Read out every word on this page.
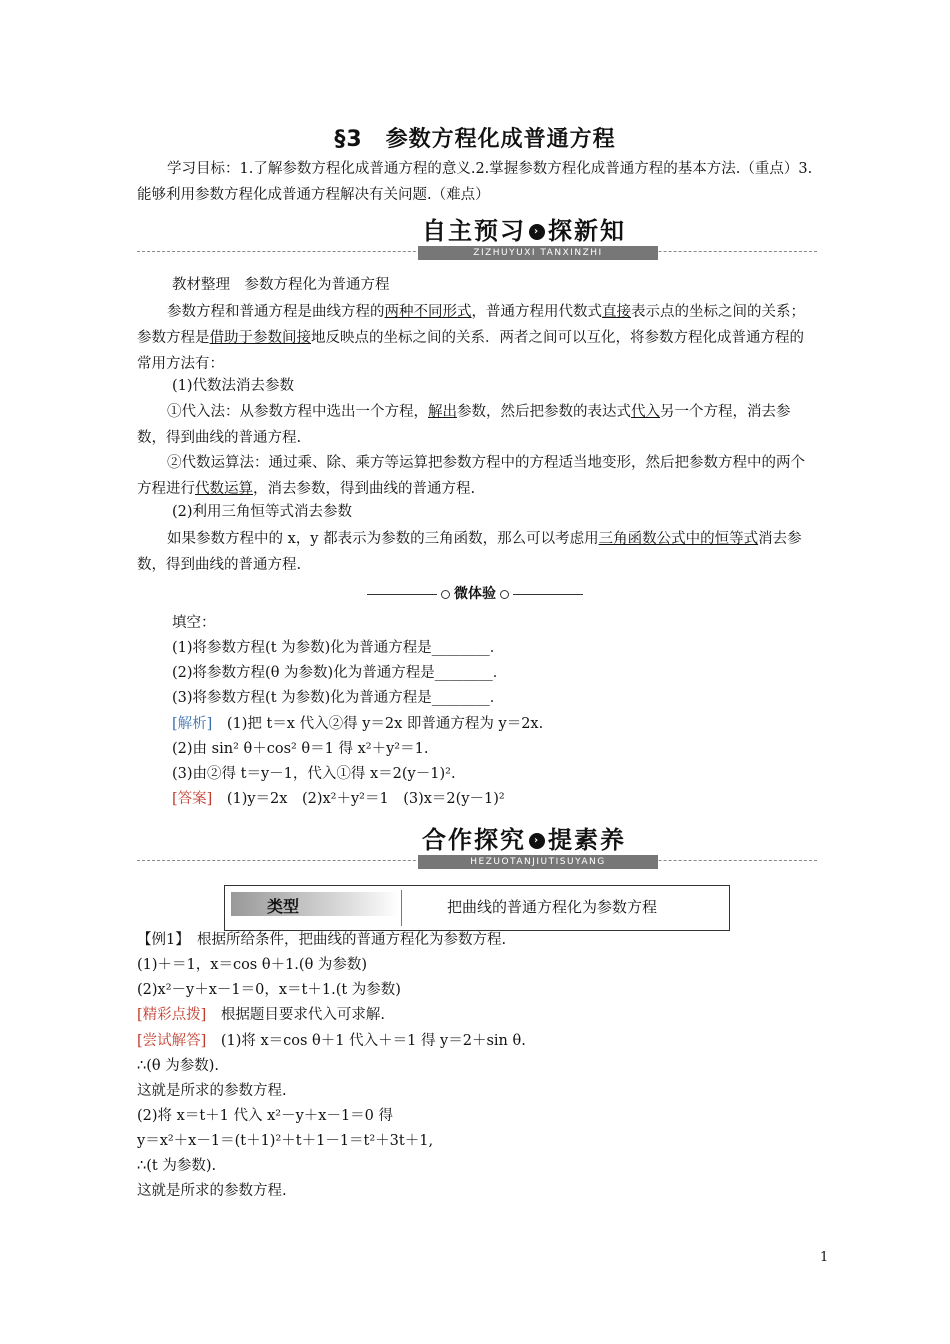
§3　参数方程化成普通方程
学习目标：1.了解参数方程化成普通方程的意义.2.掌握参数方程化成普通方程的基本方法.（重点）3.能够利用参数方程化成普通方程解决有关问题.（难点）
自主预习 › 探新知
ZIZHUYUXI TANXINZHI
教材整理　参数方程化为普通方程
参数方程和普通方程是曲线方程的两种不同形式，普通方程用代数式直接表示点的坐标之间的关系；参数方程是借助于参数间接地反映点的坐标之间的关系．两者之间可以互化，将参数方程化成普通方程的常用方法有：
(1)代数法消去参数
①代入法：从参数方程中选出一个方程，解出参数，然后把参数的表达式代入另一个方程，消去参数，得到曲线的普通方程.
②代数运算法：通过乘、除、乘方等运算把参数方程中的方程适当地变形，然后把参数方程中的两个方程进行代数运算，消去参数，得到曲线的普通方程.
(2)利用三角恒等式消去参数
如果参数方程中的 x，y 都表示为参数的三角函数，那么可以考虑用三角函数公式中的恒等式消去参数，得到曲线的普通方程.
微体验
填空：
(1)将参数方程(t 为参数)化为普通方程是________．
(2)将参数方程(θ 为参数)化为普通方程是________．
(3)将参数方程(t 为参数)化为普通方程是________．
[解析]　(1)把 t＝x 代入②得 y＝2x 即普通方程为 y＝2x.
(2)由 sin² θ＋cos² θ＝1 得 x²＋y²＝1.
(3)由②得 t＝y－1，代入①得 x＝2(y－1)².
[答案]　(1)y＝2x　(2)x²＋y²＝1　(3)x＝2(y－1)²
合作探究 › 提素养
HEZUOTANJIUTISUYANG
类型	把曲线的普通方程化为参数方程
【例1】　根据所给条件，把曲线的普通方程化为参数方程.
(1)＋＝1，x＝cos θ＋1.(θ 为参数)
(2)x²－y＋x－1＝0，x＝t＋1.(t 为参数)
[精彩点拨]　根据题目要求代入可求解.
[尝试解答]　(1)将 x＝cos θ＋1 代入＋＝1 得 y＝2＋sin θ.
∴(θ 为参数).
这就是所求的参数方程.
(2)将 x＝t＋1 代入 x²－y＋x－1＝0 得
y＝x²＋x－1＝(t＋1)²＋t＋1－1＝t²＋3t＋1,
∴(t 为参数).
这就是所求的参数方程.
1
